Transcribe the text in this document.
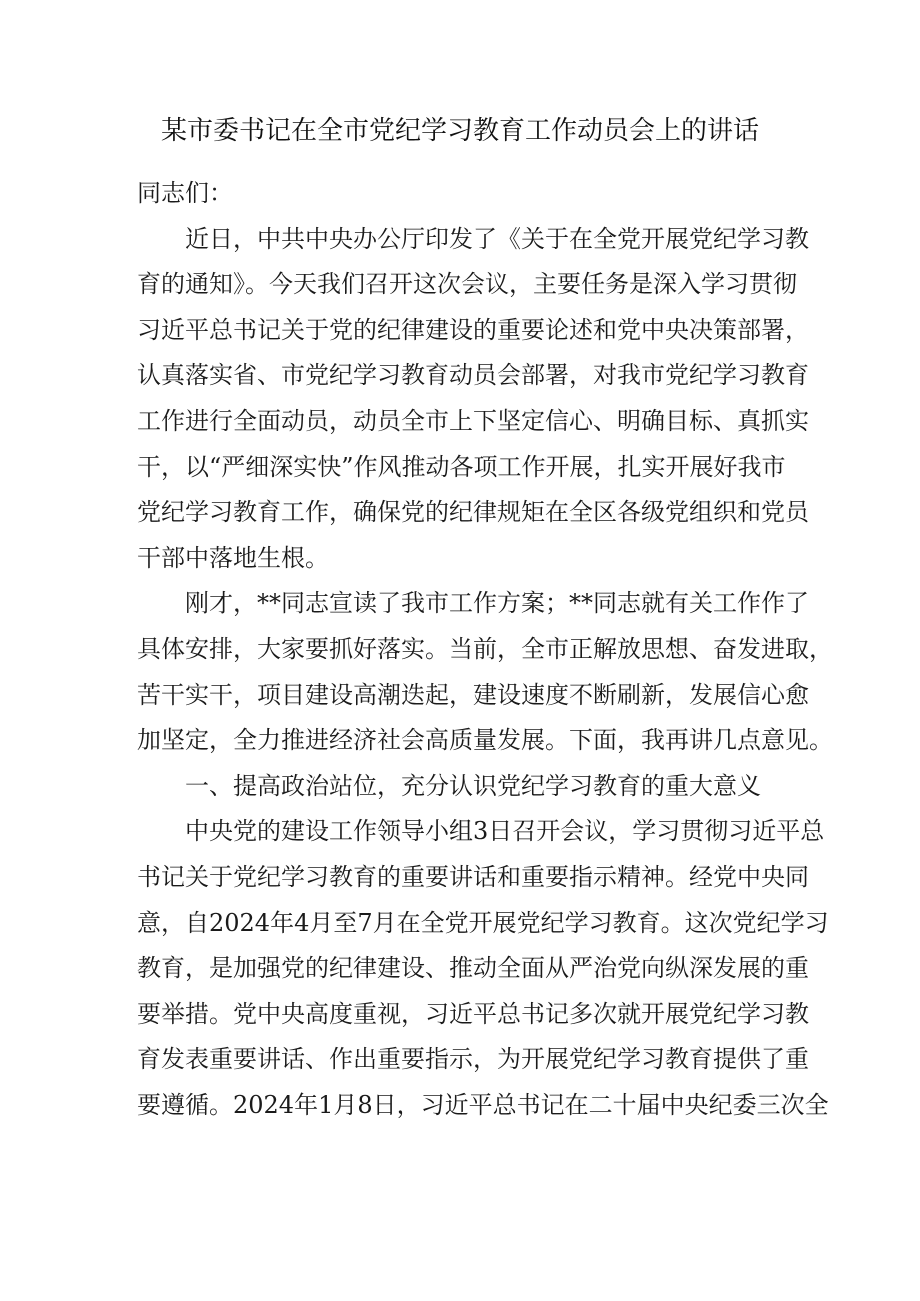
某市委书记在全市党纪学习教育工作动员会上的讲话

同志们：

近日，中共中央办公厅印发了《关于在全党开展党纪学习教
育的通知》。今天我们召开这次会议，主要任务是深入学习贯彻
习近平总书记关于党的纪律建设的重要论述和党中央决策部署，
认真落实省、市党纪学习教育动员会部署，对我市党纪学习教育
工作进行全面动员，动员全市上下坚定信心、明确目标、真抓实
干，以“严细深实快”作风推动各项工作开展，扎实开展好我市
党纪学习教育工作，确保党的纪律规矩在全区各级党组织和党员
干部中落地生根。

刚才，**同志宣读了我市工作方案；**同志就有关工作作了
具体安排，大家要抓好落实。当前，全市正解放思想、奋发进取，
苦干实干，项目建设高潮迭起，建设速度不断刷新，发展信心愈
加坚定，全力推进经济社会高质量发展。下面，我再讲几点意见。

一、提高政治站位，充分认识党纪学习教育的重大意义

中央党的建设工作领导小组3日召开会议，学习贯彻习近平总
书记关于党纪学习教育的重要讲话和重要指示精神。经党中央同
意，自2024年4月至7月在全党开展党纪学习教育。这次党纪学习
教育，是加强党的纪律建设、推动全面从严治党向纵深发展的重
要举措。党中央高度重视，习近平总书记多次就开展党纪学习教
育发表重要讲话、作出重要指示，为开展党纪学习教育提供了重
要遵循。2024年1月8日，习近平总书记在二十届中央纪委三次全
